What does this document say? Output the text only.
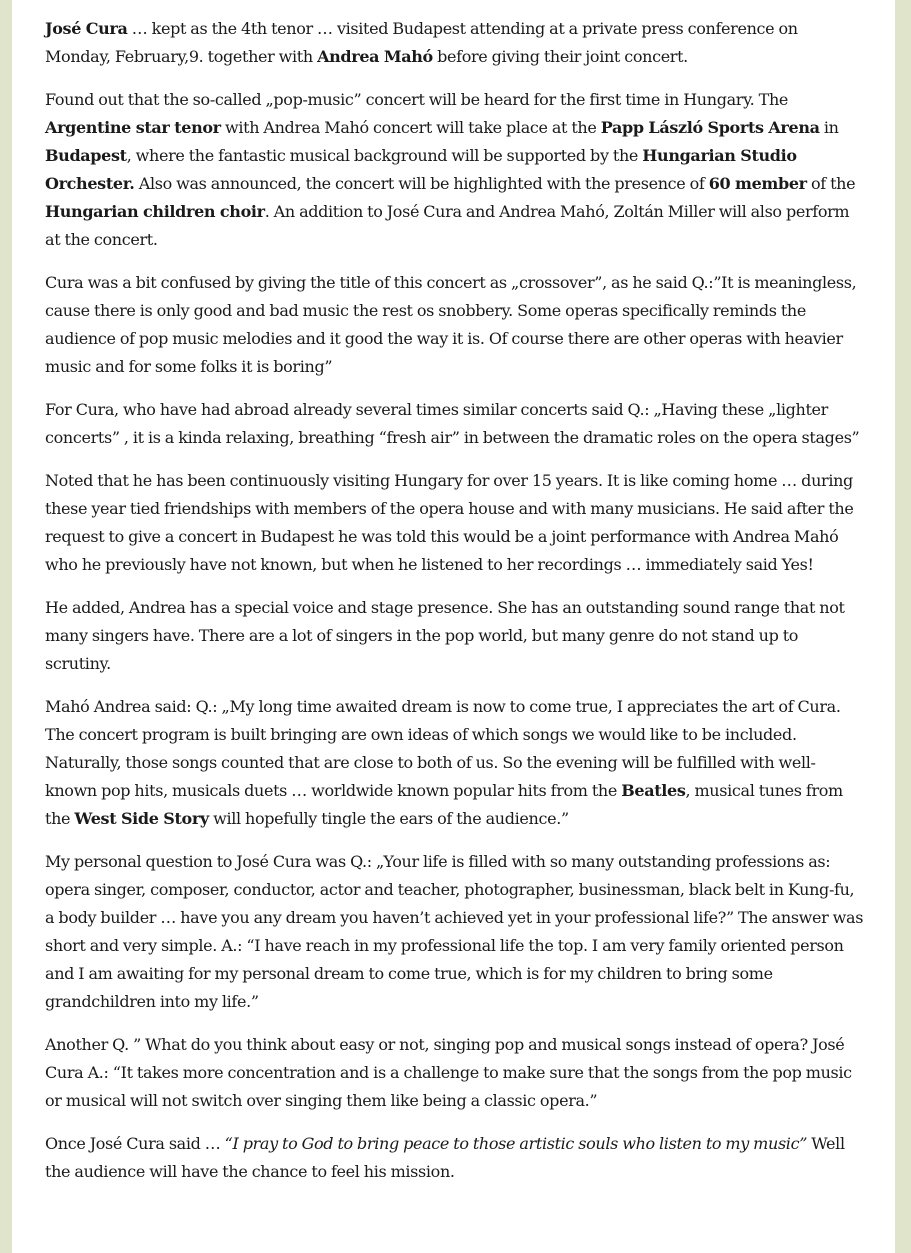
José Cura … kept as the 4th tenor … visited Budapest attending at a private press conference on Monday, February,9. together with Andrea Mahó before giving their joint concert.

Found out that the so-called „pop-music” concert will be heard for the first time in Hungary. The Argentine star tenor with Andrea Mahó concert will take place at the Papp László Sports Arena in Budapest, where the fantastic musical background will be supported by the Hungarian Studio Orchester. Also was announced, the concert will be highlighted with the presence of 60 member of the Hungarian children choir. An addition to José Cura and Andrea Mahó, Zoltán Miller will also perform at the concert.

Cura was a bit confused by giving the title of this concert as „crossover”, as he said Q.:”It is meaningless, cause there is only good and bad music the rest os snobbery. Some operas specifically reminds the audience of pop music melodies and it good the way it is. Of course there are other operas with heavier music and for some folks it is boring”

For Cura, who have had abroad already several times similar concerts said Q.: „Having these „lighter concerts” , it is a kinda relaxing, breathing “fresh air” in between the dramatic roles on the opera stages”

Noted that he has been continuously visiting Hungary for over 15 years. It is like coming home … during these year tied friendships with members of the opera house and with many musicians. He said after the request to give a concert in Budapest he was told this would be a joint performance with Andrea Mahó who he previously have not known, but when he listened to her recordings … immediately said Yes!

He added, Andrea has a special voice and stage presence. She has an outstanding sound range that not many singers have. There are a lot of singers in the pop world, but many genre do not stand up to scrutiny.

Mahó Andrea said: Q.: „My long time awaited dream is now to come true, I appreciates the art of Cura. The concert program is built bringing are own ideas of which songs we would like to be included. Naturally, those songs counted that are close to both of us. So the evening will be fulfilled with well-known pop hits, musicals duets … worldwide known popular hits from the Beatles, musical tunes from the West Side Story will hopefully tingle the ears of the audience.”

My personal question to José Cura was Q.: „Your life is filled with so many outstanding professions as: opera singer, composer, conductor, actor and teacher, photographer, businessman, black belt in Kung-fu, a body builder … have you any dream you haven’t achieved yet in your professional life?” The answer was short and very simple. A.: “I have reach in my professional life the top. I am very family oriented person and I am awaiting for my personal dream to come true, which is for my children to bring some grandchildren into my life.”

Another Q. ” What do you think about easy or not, singing pop and musical songs instead of opera? José Cura A.: “It takes more concentration and is a challenge to make sure that the songs from the pop music or musical will not switch over singing them like being a classic opera.”

Once José Cura said … “I pray to God to bring peace to those artistic souls who listen to my music” Well the audience will have the chance to feel his mission.
